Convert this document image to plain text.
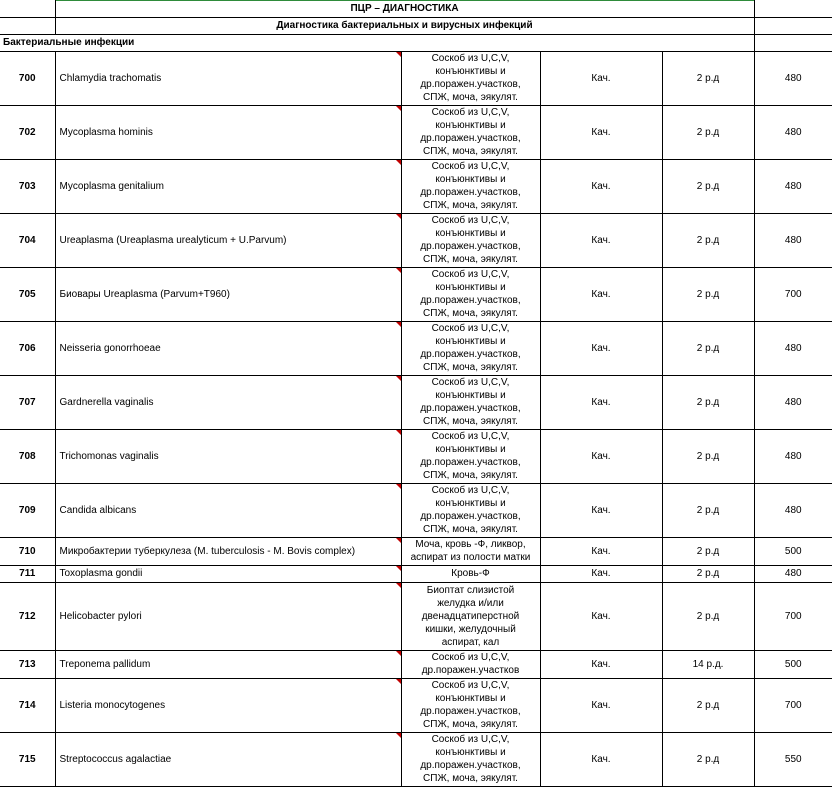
	ПЦР – ДИАГНОСТИКА				
	Диагностика бактериальных и вирусных инфекций				
Бактериальные инфекции					
700	Chlamydia trachomatis	Соскоб из U,C,V,
конъюнктивы и
др.поражен.участков,
СПЖ, моча, эякулят.	Кач.	2 р.д	480
702	Mycoplasma hominis	Соскоб из U,C,V,
конъюнктивы и
др.поражен.участков,
СПЖ, моча, эякулят.	Кач.	2 р.д	480
703	Mycoplasma genitalium	Соскоб из U,C,V,
конъюнктивы и
др.поражен.участков,
СПЖ, моча, эякулят.	Кач.	2 р.д	480
704	Ureaplasma (Ureaplasma urealyticum + U.Parvum)	Соскоб из U,C,V,
конъюнктивы и
др.поражен.участков,
СПЖ, моча, эякулят.	Кач.	2 р.д	480
705	Биовары Ureaplasma (Parvum+T960)	Соскоб из U,C,V,
конъюнктивы и
др.поражен.участков,
СПЖ, моча, эякулят.	Кач.	2 р.д	700
706	Neisseria gonorrhoeae	Соскоб из U,C,V,
конъюнктивы и
др.поражен.участков,
СПЖ, моча, эякулят.	Кач.	2 р.д	480
707	Gardnerella vaginalis	Соскоб из U,C,V,
конъюнктивы и
др.поражен.участков,
СПЖ, моча, эякулят.	Кач.	2 р.д	480
708	Trichomonas vaginalis	Соскоб из U,C,V,
конъюнктивы и
др.поражен.участков,
СПЖ, моча, эякулят.	Кач.	2 р.д	480
709	Candida albicans	Соскоб из U,C,V,
конъюнктивы и
др.поражен.участков,
СПЖ, моча, эякулят.	Кач.	2 р.д	480
710	Микробактерии туберкулеза (M. tuberculosis - M. Bovis complex)	Моча, кровь -Ф, ликвор,
аспират из полости матки	Кач.	2 р.д	500
711	Toxoplasma gondii	Кровь-Ф	Кач.	2 р.д	480
712	Helicobacter pylori	Биоптат слизистой
желудка и/или
двенадцатиперстной
кишки, желудочный
аспират, кал	Кач.	2 р.д	700
713	Treponema pallidum	Соскоб из U,C,V,
др.поражен.участков	Кач.	14 р.д.	500
714	Listeria monocytogenes	Соскоб из U,C,V,
конъюнктивы и
др.поражен.участков,
СПЖ, моча, эякулят.	Кач.	2 р.д	700
715	Streptococcus agalactiae	Соскоб из U,C,V,
конъюнктивы и
др.поражен.участков,
СПЖ, моча, эякулят.	Кач.	2 р.д	550
